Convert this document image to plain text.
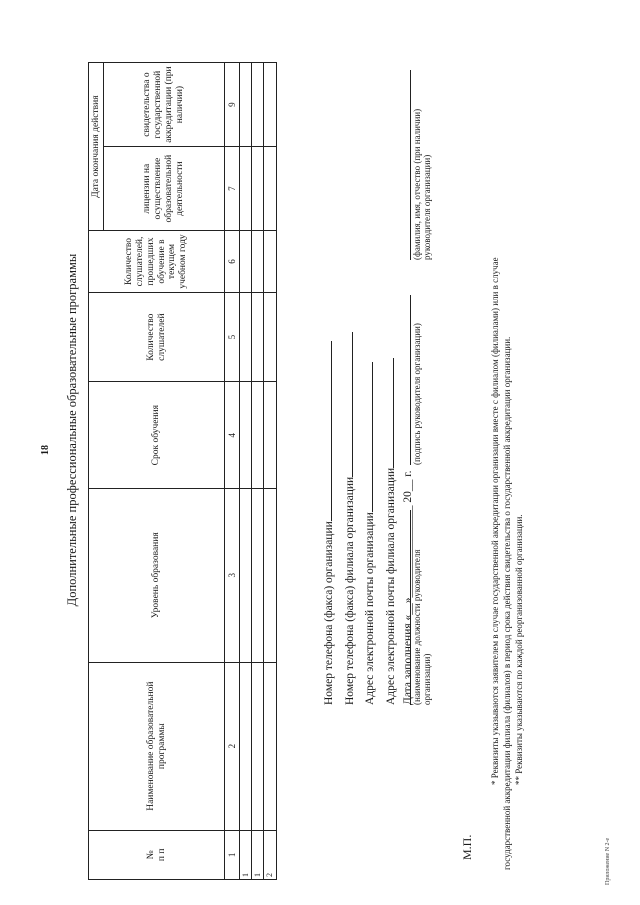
18 Дополнительные профессиональные образовательные программы
№
п п	Наименование образовательной программы	Уровень образования	Срок обучения	Количество слушателей	Количество слушателей, прошедших обучение в текущем учебном году	Дата окончания действия	
						лицензии на осуществление образовательной деятельности	свидетельства о государственной аккредитации (при наличии)
1	2	3	4	5	6	7	9
1							
1							
2							
Номер телефона (факса) организации Номер телефона (факса) филиала организации Адрес электронной почты организации Адрес электронной почты филиала организации Дата заполнения «__»________________ 20__ г.
(наименование должности руководителя организации)
(подпись руководителя организации)
(фамилия, имя, отчество (при наличии) руководителя организации)
М.П.
* Реквизиты указываются заявителем в случае государственной аккредитации организации вместе с филиалом (филиалами) или в случае государственной аккредитации филиала (филиалов) в период срока действия свидетельства о государственной аккредитации организации. ** Реквизиты указываются по каждой реорганизованной организации.
Приложение N 2-е
